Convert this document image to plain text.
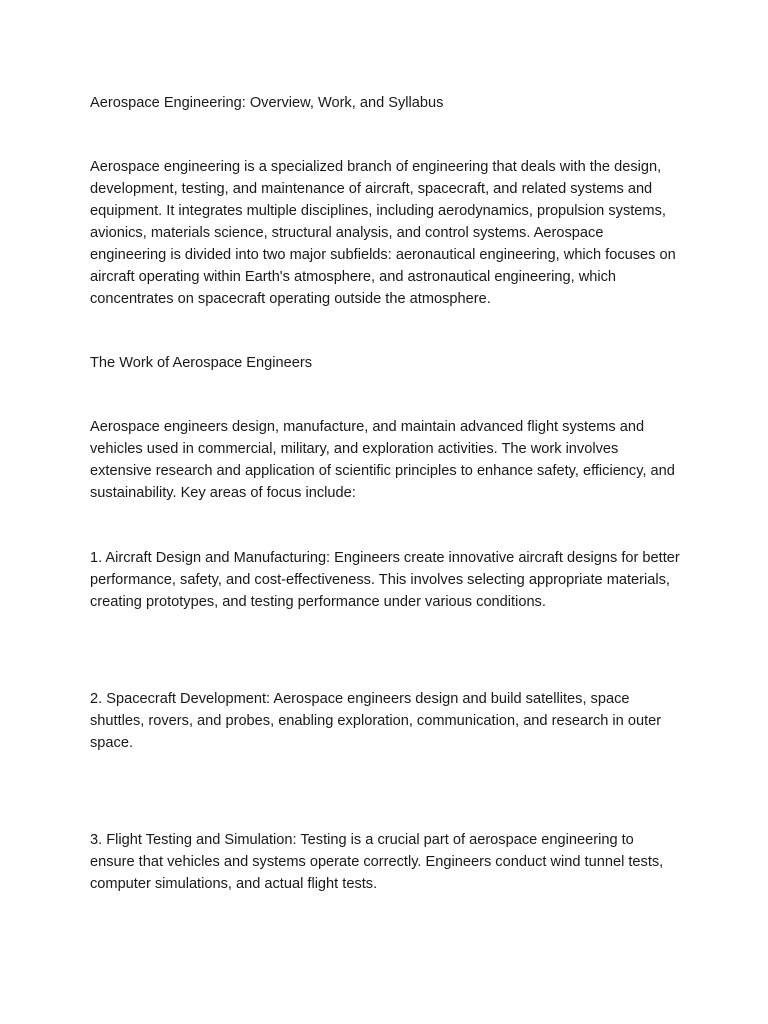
Aerospace Engineering: Overview, Work, and Syllabus

Aerospace engineering is a specialized branch of engineering that deals with the design, development, testing, and maintenance of aircraft, spacecraft, and related systems and equipment. It integrates multiple disciplines, including aerodynamics, propulsion systems, avionics, materials science, structural analysis, and control systems. Aerospace engineering is divided into two major subfields: aeronautical engineering, which focuses on aircraft operating within Earth's atmosphere, and astronautical engineering, which concentrates on spacecraft operating outside the atmosphere.

The Work of Aerospace Engineers

Aerospace engineers design, manufacture, and maintain advanced flight systems and vehicles used in commercial, military, and exploration activities. The work involves extensive research and application of scientific principles to enhance safety, efficiency, and sustainability. Key areas of focus include:

1. Aircraft Design and Manufacturing: Engineers create innovative aircraft designs for better performance, safety, and cost-effectiveness. This involves selecting appropriate materials, creating prototypes, and testing performance under various conditions.

2. Spacecraft Development: Aerospace engineers design and build satellites, space shuttles, rovers, and probes, enabling exploration, communication, and research in outer space.

3. Flight Testing and Simulation: Testing is a crucial part of aerospace engineering to ensure that vehicles and systems operate correctly. Engineers conduct wind tunnel tests, computer simulations, and actual flight tests.
